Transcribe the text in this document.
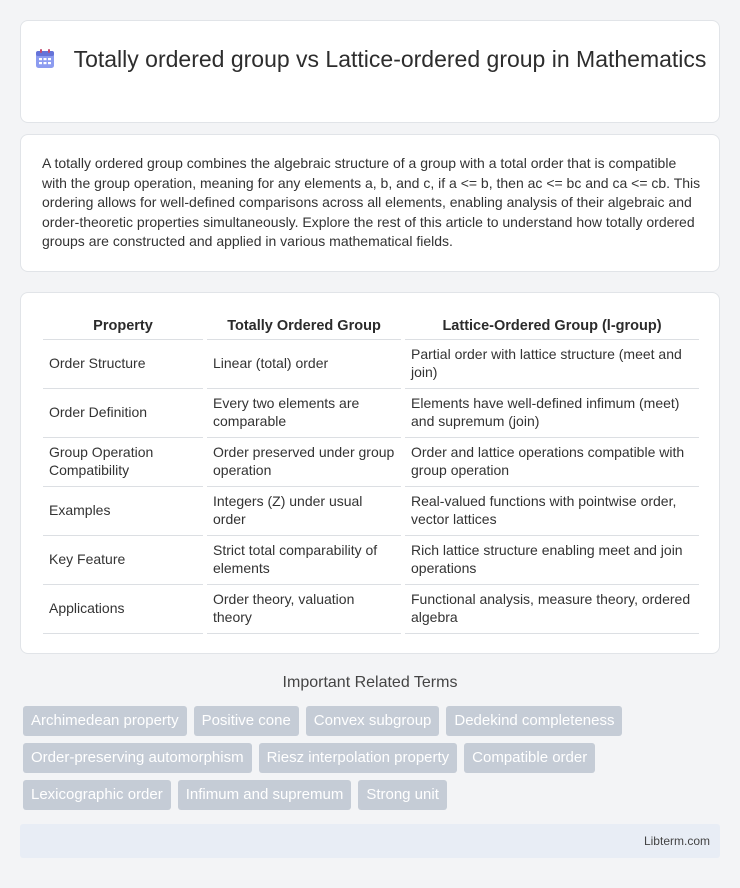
Totally ordered group vs Lattice-ordered group in Mathematics

A totally ordered group combines the algebraic structure of a group with a total order that is compatible with the group operation, meaning for any elements a, b, and c, if a <= b, then ac <= bc and ca <= cb. This ordering allows for well-defined comparisons across all elements, enabling analysis of their algebraic and order-theoretic properties simultaneously. Explore the rest of this article to understand how totally ordered groups are constructed and applied in various mathematical fields.

Property	Totally Ordered Group	Lattice-Ordered Group (l-group)
Order Structure	Linear (total) order	Partial order with lattice structure (meet and join)
Order Definition	Every two elements are comparable	Elements have well-defined infimum (meet) and supremum (join)
Group Operation Compatibility	Order preserved under group operation	Order and lattice operations compatible with group operation
Examples	Integers (Z) under usual order	Real-valued functions with pointwise order, vector lattices
Key Feature	Strict total comparability of elements	Rich lattice structure enabling meet and join operations
Applications	Order theory, valuation theory	Functional analysis, measure theory, ordered algebra
Important Related Terms
Archimedean property	Positive cone	Convex subgroup	Dedekind completeness
Order-preserving automorphism	Riesz interpolation property	Compatible order
Lexicographic order	Infimum and supremum	Strong unit
Libterm.com
